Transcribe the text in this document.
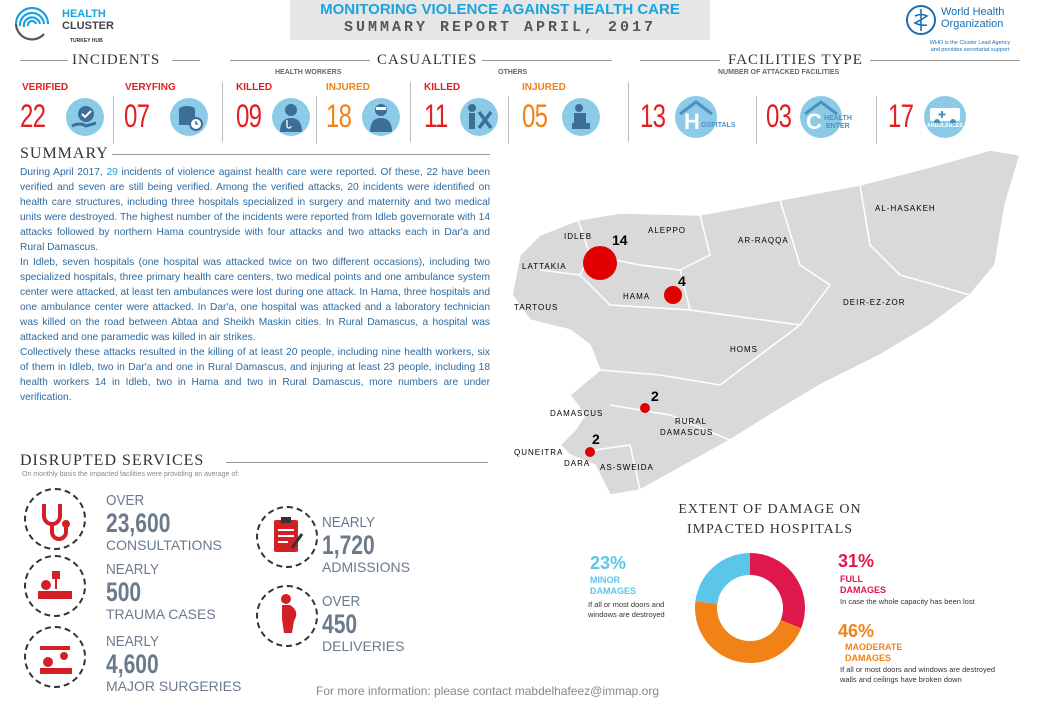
HEALTH
CLUSTER
TURKEY HUB
MONITORING VIOLENCE AGAINST HEALTH CARE
SUMMARY REPORT APRIL, 2017
World Health
Organization
WHO is the Cluster Lead Agency
and provides secretariat support
INCIDENTS	CASUALTIES	FACILITIES TYPE
HEALTH WORKERS	OTHERS	NUMBER OF ATTACKED FACILITIES
VERIFIED
22
VERYFING
07
KILLED
09
INJURED
18
KILLED
11
INJURED
05	13 H OSPITALS 03 C HEALTH
ENTER 17	AMBULANCES
SUMMARY

During April 2017, 29 incidents of violence against health care were reported. Of these, 22 have been verified and seven are still being verified. Among the verified attacks, 20 incidents were identified on health care structures, including three hospitals specialized in surgery and maternity and two medical units were destroyed. The highest number of the incidents were reported from Idleb governorate with 14 attacks followed by northern Hama countryside with four attacks and two attacks each in Dar'a and Rural Damascus.

In Idleb, seven hospitals (one hospital was attacked twice on two different occasions), including two specialized hospitals, three primary health care centers, two medical points and one ambulance system center were attacked, at least ten ambulances were lost during one attack. In Hama, three hospitals and one ambulance center were attacked. In Dar'a, one hospital was attacked and a laboratory technician was killed on the road between Abtaa and Sheikh Maskin cities. In Rural Damascus, a hospital was attacked and one paramedic was killed in air strikes.

Collectively these attacks resulted in the killing of at least 20 people, including nine health workers, six of them in Idleb, two in Dar'a and one in Rural Damascus, and injuring at least 23 people, including 18 health workers 14 in Idleb, two in Hama and two in Rural Damascus, more numbers are under verification.

DISRUPTED SERVICES
On monthly basis the impacted facilities were providing an average of:
OVER
23,600
CONSULTATIONS
NEARLY
500
TRAUMA CASES
NEARLY
4,600
MAJOR SURGERIES
NEARLY
1,720
ADMISSIONS
OVER
450
DELIVERIES
IDLEB
ALEPPO
AL-HASAKEH
AR-RAQQA
LATTAKIA
HAMA
TARTOUS
DEIR-EZ-ZOR
HOMS
DAMASCUS
RURAL
DAMASCUS
QUNEITRA
DARA AS-SWEIDA
14
4
2
2
EXTENT OF DAMAGE ON
IMPACTED HOSPITALS
23%
MINOR
DAMAGES
If all or most doors and
windows are destroyed
31%
FULL
DAMAGES
In case the whole capacity has been lost
46%
MAODERATE
DAMAGES
If all or most doors and windows are destroyed
walls and ceilings have broken down
For more information: please contact mabdelhafeez@immap.org
